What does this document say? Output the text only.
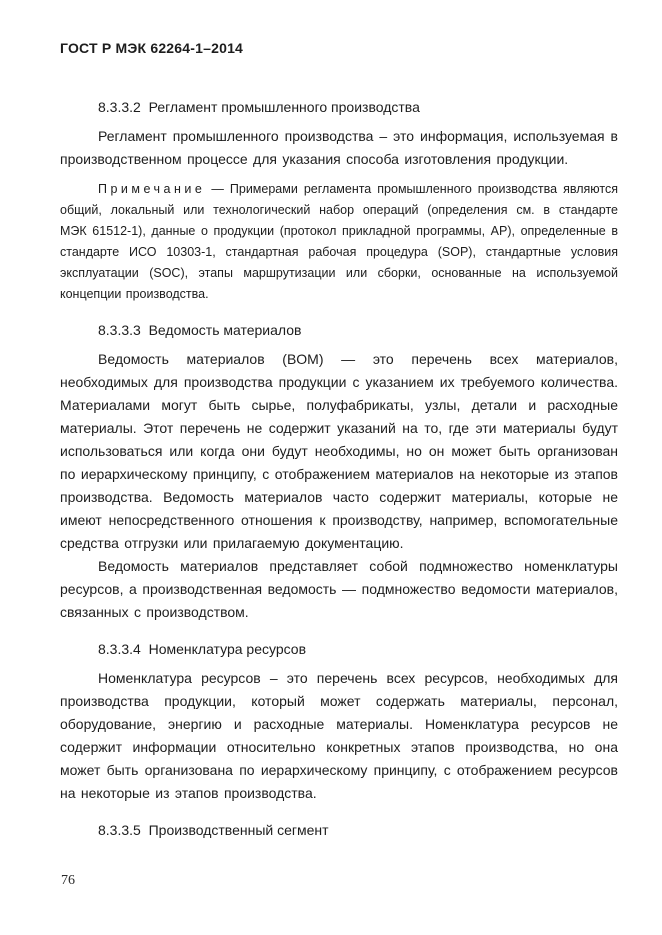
ГОСТ Р МЭК 62264-1–2014
8.3.3.2  Регламент промышленного производства

Регламент промышленного производства – это информация, используемая в производственном процессе для указания способа изготовления продукции.

Примечание — Примерами регламента промышленного производства являются общий, локальный или технологический набор операций (определения см. в стандарте МЭК 61512-1), данные о продукции (протокол прикладной программы, AP), определенные в стандарте ИСО 10303-1, стандартная рабочая процедура (SOP), стандартные условия эксплуатации (SOC), этапы маршрутизации или сборки, основанные на используемой концепции производства.

8.3.3.3  Ведомость материалов

Ведомость материалов (BOM) — это перечень всех материалов, необходимых для производства продукции с указанием их требуемого количества. Материалами могут быть сырье, полуфабрикаты, узлы, детали и расходные материалы. Этот перечень не содержит указаний на то, где эти материалы будут использоваться или когда они будут необходимы, но он может быть организован по иерархическому принципу, с отображением материалов на некоторые из этапов производства. Ведомость материалов часто содержит материалы, которые не имеют непосредственного отношения к производству, например, вспомогательные средства отгрузки или прилагаемую документацию.

Ведомость материалов представляет собой подмножество номенклатуры ресурсов, а производственная ведомость — подмножество ведомости материалов, связанных с производством.

8.3.3.4  Номенклатура ресурсов

Номенклатура ресурсов – это перечень всех ресурсов, необходимых для производства продукции, который может содержать материалы, персонал, оборудование, энергию и расходные материалы. Номенклатура ресурсов не содержит информации относительно конкретных этапов производства, но она может быть организована по иерархическому принципу, с отображением ресурсов на некоторые из этапов производства.

8.3.3.5  Производственный сегмент
76
